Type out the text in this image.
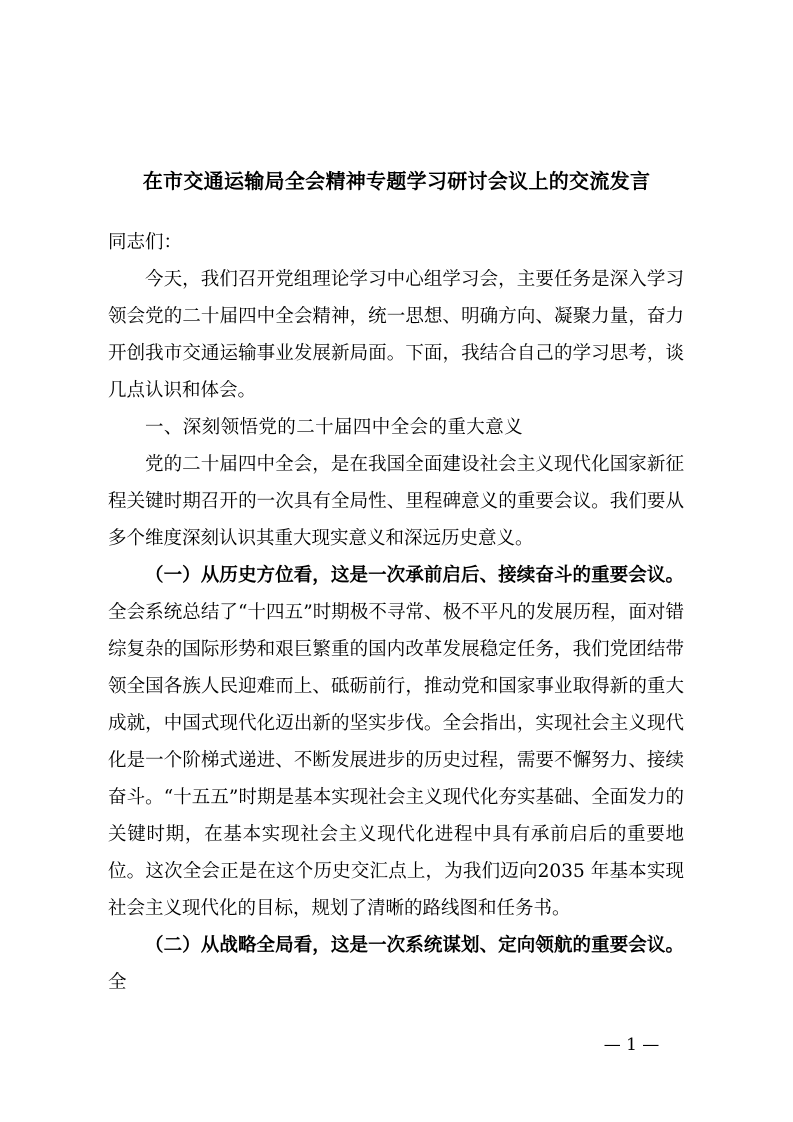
在市交通运输局全会精神专题学习研讨会议上的交流发言

同志们：

今天，我们召开党组理论学习中心组学习会，主要任务是深入学习领会党的二十届四中全会精神，统一思想、明确方向、凝聚力量，奋力开创我市交通运输事业发展新局面。下面，我结合自己的学习思考，谈几点认识和体会。

一、深刻领悟党的二十届四中全会的重大意义

党的二十届四中全会，是在我国全面建设社会主义现代化国家新征程关键时期召开的一次具有全局性、里程碑意义的重要会议。我们要从多个维度深刻认识其重大现实意义和深远历史意义。

（一）从历史方位看，这是一次承前启后、接续奋斗的重要会议。全会系统总结了“十四五”时期极不寻常、极不平凡的发展历程，面对错综复杂的国际形势和艰巨繁重的国内改革发展稳定任务，我们党团结带领全国各族人民迎难而上、砥砺前行，推动党和国家事业取得新的重大成就，中国式现代化迈出新的坚实步伐。全会指出，实现社会主义现代化是一个阶梯式递进、不断发展进步的历史过程，需要不懈努力、接续奋斗。“十五五”时期是基本实现社会主义现代化夯实基础、全面发力的关键时期，在基本实现社会主义现代化进程中具有承前启后的重要地位。这次全会正是在这个历史交汇点上，为我们迈向2035 年基本实现社会主义现代化的目标，规划了清晰的路线图和任务书。

（二）从战略全局看，这是一次系统谋划、定向领航的重要会议。全

— 1 —
